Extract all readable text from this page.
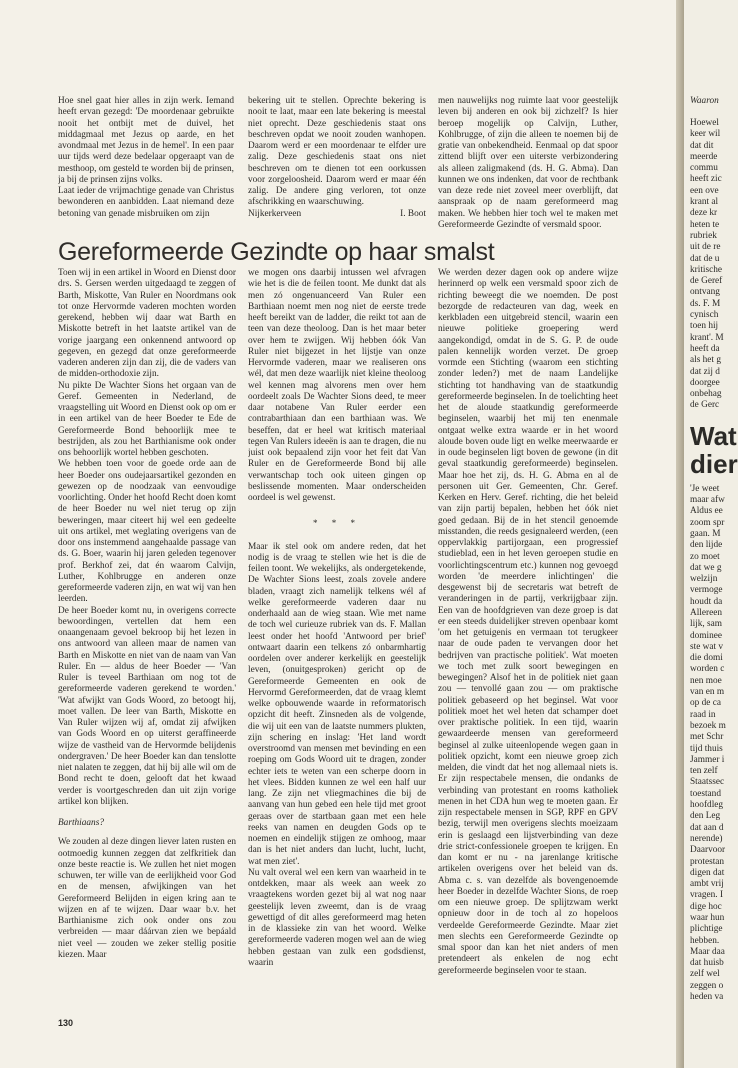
Hoe snel gaat hier alles in zijn werk. Iemand heeft ervan gezegd: 'De moordenaar gebruikte nooit het ontbijt met de duivel, het middagmaal met Jezus op aarde, en het avondmaal met Jezus in de hemel'. In een paar uur tijds werd deze bedelaar opgeraapt van de mesthoop, om gesteld te worden bij de prinsen, ja bij de prinsen zijns volks.

Laat ieder de vrijmachtige genade van Christus bewonderen en aanbidden. Laat niemand deze betoning van genade misbruiken om zijn

bekering uit te stellen. Oprechte bekering is nooit te laat, maar een late bekering is meestal niet oprecht. Deze geschiedenis staat ons beschreven opdat we nooit zouden wanhopen. Daarom werd er een moordenaar te elfder ure zalig. Deze geschiedenis staat ons niet beschreven om te dienen tot een oorkussen voor zorgeloosheid. Daarom werd er maar één zalig. De andere ging verloren, tot onze afschrikking en waarschuwing.

Nijkerkerveen	I. Boot

men nauwelijks nog ruimte laat voor geestelijk leven bij anderen en ook bij zichzelf? Is hier beroep mogelijk op Calvijn, Luther, Kohlbrugge, of zijn die alleen te noemen bij de gratie van onbekendheid. Eenmaal op dat spoor zittend blijft over een uiterste verbizondering als alleen zaligmakend (ds. H. G. Abma). Dan kunnen we ons indenken, dat voor de rechtbank van deze rede niet zoveel meer overblijft, dat aanspraak op de naam gereformeerd mag maken. We hebben hier toch wel te maken met Gereformeerde Gezindte of versmald spoor.

Gereformeerde Gezindte op haar smalst

Toen wij in een artikel in Woord en Dienst door drs. S. Gersen werden uitgedaagd te zeggen of Barth, Miskotte, Van Ruler en Noordmans ook tot onze Hervormde vaderen mochten worden gerekend, hebben wij daar wat Barth en Miskotte betreft in het laatste artikel van de vorige jaargang een onkennend antwoord op gegeven, en gezegd dat onze gereformeerde vaderen anderen zijn dan zij, die de vaders van de midden-orthodoxie zijn.

Nu pikte De Wachter Sions het orgaan van de Geref. Gemeenten in Nederland, de vraagstelling uit Woord en Dienst ook op om er in een artikel van de heer Boeder te Ede de Gereformeerde Bond behoorlijk mee te bestrijden, als zou het Barthianisme ook onder ons behoorlijk wortel hebben geschoten.

We hebben toen voor de goede orde aan de heer Boeder ons oudejaarsartikel gezonden en gewezen op de noodzaak van eenvoudige voorlichting. Onder het hoofd Recht doen komt de heer Boeder nu wel niet terug op zijn beweringen, maar citeert hij wel een gedeelte uit ons artikel, met weglating overigens van de door ons instemmend aangehaalde passage van ds. G. Boer, waarin hij jaren geleden tegenover prof. Berkhof zei, dat én waarom Calvijn, Luther, Kohlbrugge en anderen onze gereformeerde vaderen zijn, en wat wij van hen leerden.

De heer Boeder komt nu, in overigens correcte bewoordingen, vertellen dat hem een onaangenaam gevoel bekroop bij het lezen in ons antwoord van alleen maar de namen van Barth en Miskotte en niet van de naam van Van Ruler. En — aldus de heer Boeder — 'Van Ruler is teveel Barthiaan om nog tot de gereformeerde vaderen gerekend te worden.' 'Wat afwijkt van Gods Woord, zo betoogt hij, moet vallen. De leer van Barth, Miskotte en Van Ruler wijzen wij af, omdat zij afwijken van Gods Woord en op uiterst geraffineerde wijze de vastheid van de Hervormde belijdenis ondergraven.' De heer Boeder kan dan tenslotte niet nalaten te zeggen, dat hij bij alle wil om de Bond recht te doen, gelooft dat het kwaad verder is voortgeschreden dan uit zijn vorige artikel kon blijken.

Barthiaans?

We zouden al deze dingen liever laten rusten en ootmoedig kunnen zeggen dat zelfkritiek dan onze beste reactie is. We zullen het niet mogen schuwen, ter wille van de eerlijkheid voor God en de mensen, afwijkingen van het Gereformeerd Belijden in eigen kring aan te wijzen en af te wijzen. Daar waar b.v. het Barthianisme zich ook onder ons zou verbreiden — maar dáárvan zien we bepáald niet veel — zouden we zeker stellig positie kiezen. Maar

we mogen ons daarbij intussen wel afvragen wie het is die de feilen toont. Me dunkt dat als men zó ongenuanceerd Van Ruler een Barthiaan noemt men nog niet de eerste trede heeft bereikt van de ladder, die reikt tot aan de teen van deze theoloog. Dan is het maar beter over hem te zwijgen. Wij hebben óók Van Ruler niet bijgezet in het lijstje van onze Hervormde vaderen, maar we realiseren ons wél, dat men deze waarlijk niet kleine theoloog wel kennen mag alvorens men over hem oordeelt zoals De Wachter Sions deed, te meer daar notabene Van Ruler eerder een contrabarthiaan dan een barthiaan was. We beseffen, dat er heel wat kritisch materiaal tegen Van Rulers ideeën is aan te dragen, die nu juist ook bepaalend zijn voor het feit dat Van Ruler en de Gereformeerde Bond bij alle verwantschap toch ook uiteen gingen op beslissende momenten. Maar onderscheiden oordeel is wel gewenst.

* * *

Maar ik stel ook om andere reden, dat het nodig is de vraag te stellen wie het is die de feilen toont. We wekelijks, als ondergetekende, De Wachter Sions leest, zoals zovele andere bladen, vraagt zich namelijk telkens wél af welke gereformeerde vaderen daar nu onderhaald aan de wieg staan. Wie met name de toch wel curieuze rubriek van ds. F. Mallan leest onder het hoofd 'Antwoord per brief' ontwaart daarin een telkens zó onbarmhartig oordelen over anderer kerkelijk en geestelijk leven, (onuitgesproken) gericht op de Gereformeerde Gemeenten en ook de Hervormd Gereformeerden, dat de vraag klemt welke opbouwende waarde in reformatorisch opzicht dit heeft. Zinsneden als de volgende, die wij uit een van de laatste nummers plukten, zijn schering en inslag: 'Het land wordt overstroomd van mensen met bevinding en een roeping om Gods Woord uit te dragen, zonder echter iets te weten van een scherpe doorn in het vlees. Bidden kunnen ze wel een half uur lang. Ze zijn net vliegmachines die bij de aanvang van hun gebed een hele tijd met groot geraas over de startbaan gaan met een hele reeks van namen en deugden Gods op te noemen en eindelijk stijgen ze omhoog, maar dan is het niet anders dan lucht, lucht, lucht, wat men ziet'.

Nu valt overal wel een kern van waarheid in te ontdekken, maar als week aan week zo vraagtekens worden gezet bij al wat nog naar geestelijk leven zweemt, dan is de vraag gewettigd of dit alles gereformeerd mag heten in de klassieke zin van het woord. Welke gereformeerde vaderen mogen wel aan de wieg hebben gestaan van zulk een godsdienst, waarin

We werden dezer dagen ook op andere wijze herinnerd op welk een versmald spoor zich de richting beweegt die we noemden. De post bezorgde de redacteuren van dag, week en kerkbladen een uitgebreid stencil, waarin een nieuwe politieke groepering werd aangekondigd, omdat in de S. G. P. de oude palen kennelijk worden verzet. De groep vormde een Stichting (waarom een stichting zonder leden?) met de naam Landelijke stichting tot handhaving van de staatkundig gereformeerde beginselen. In de toelichting heet het de aloude staatkundig gereformeerde beginselen, waarbij het mij ten enenmale ontgaat welke extra waarde er in het woord aloude boven oude ligt en welke meerwaarde er in oude beginselen ligt boven de gewone (in dit geval staatkundig gereformeerde) beginselen. Maar hoe het zij, ds. H. G. Abma en al de personen uit Ger. Gemeenten, Chr. Geref. Kerken en Herv. Geref. richting, die het beleid van zijn partij bepalen, hebben het óók niet goed gedaan. Bij de in het stencil genoemde misstanden, die reeds gesignaleerd werden, (een oppervlakkig partijorgaan, een progressief studieblad, een in het leven geroepen studie en voorlichtingscentrum etc.) kunnen nog gevoegd worden 'de meerdere inlichtingen' die desgewenst bij de secretaris wat betreft de veranderingen in de partij, verkrijgbaar zijn. Een van de hoofdgrieven van deze groep is dat er een steeds duidelijker streven openbaar komt 'om het getuigenis en vermaan tot terugkeer naar de oude paden te vervangen door het bedrijven van practische politiek'. Wat moeten we toch met zulk soort bewegingen en bewegingen? Alsof het in de politiek niet gaan zou — tenvollé gaan zou — om praktische politiek gebaseerd op het beginsel. Wat voor politiek moet het wel heten dat schamper doet over praktische politiek. In een tijd, waarin gewaardeerde mensen van gereformeerd beginsel al zulke uiteenlopende wegen gaan in politiek opzicht, komt een nieuwe groep zich melden, die vindt dat het nog allemaal niets is. Er zijn respectabele mensen, die ondanks de verbinding van protestant en rooms katholiek menen in het CDA hun weg te moeten gaan. Er zijn respectabele mensen in SGP, RPF en GPV bezig, terwijl men overigens slechts moeizaam erin is geslaagd een lijstverbinding van deze drie strict-confessionele groepen te krijgen. En dan komt er nu - na jarenlange kritische artikelen overigens over het beleid van ds. Abma c. s. van dezelfde als bovengenoemde heer Boeder in dezelfde Wachter Sions, de roep om een nieuwe groep. De splijtzwam werkt opnieuw door in de toch al zo hopeloos verdeelde Gereformeerde Gezindte. Maar ziet men slechts een Gereformeerde Gezindte op smal spoor dan kan het niet anders of men pretendeert als enkelen de nog echt gereformeerde beginselen voor te staan.

130
Waaron
Hoewel
keer wil
dat dit
meerde
commu
heeft zic
een ove
krant al
deze kr
heten te
rubriek
uit de re
dat de u
kritische
de Geref
ontvang
ds. F. M
cynisch
toen hij
krant'. M
heeft da
als het g
dat zij d
doorgee
onbehag
de Gerc
Wat
dier
'Je weet
maar afw
Aldus ee
zoom spr
gaan. M
den lijde
zo moet
dat we g
welzijn
vermoge
houdt da
Allereen
lijk, sam
dominee
ste wat v
die domi
worden c
nen moe
van en m
op de ca
raad in
bezoek m
met Schr
tijd thuis
Jammer i
ten zelf
Staatssec
toestand
hoofdleg
den Leg
dat aan d
nerende)
Daarvoor
protestan
digen dat
ambt vrij
vragen. I
dige hoc
waar hun
plichtige
hebben.
Maar daa
dat huisb
zelf wel
zeggen o
heden va
